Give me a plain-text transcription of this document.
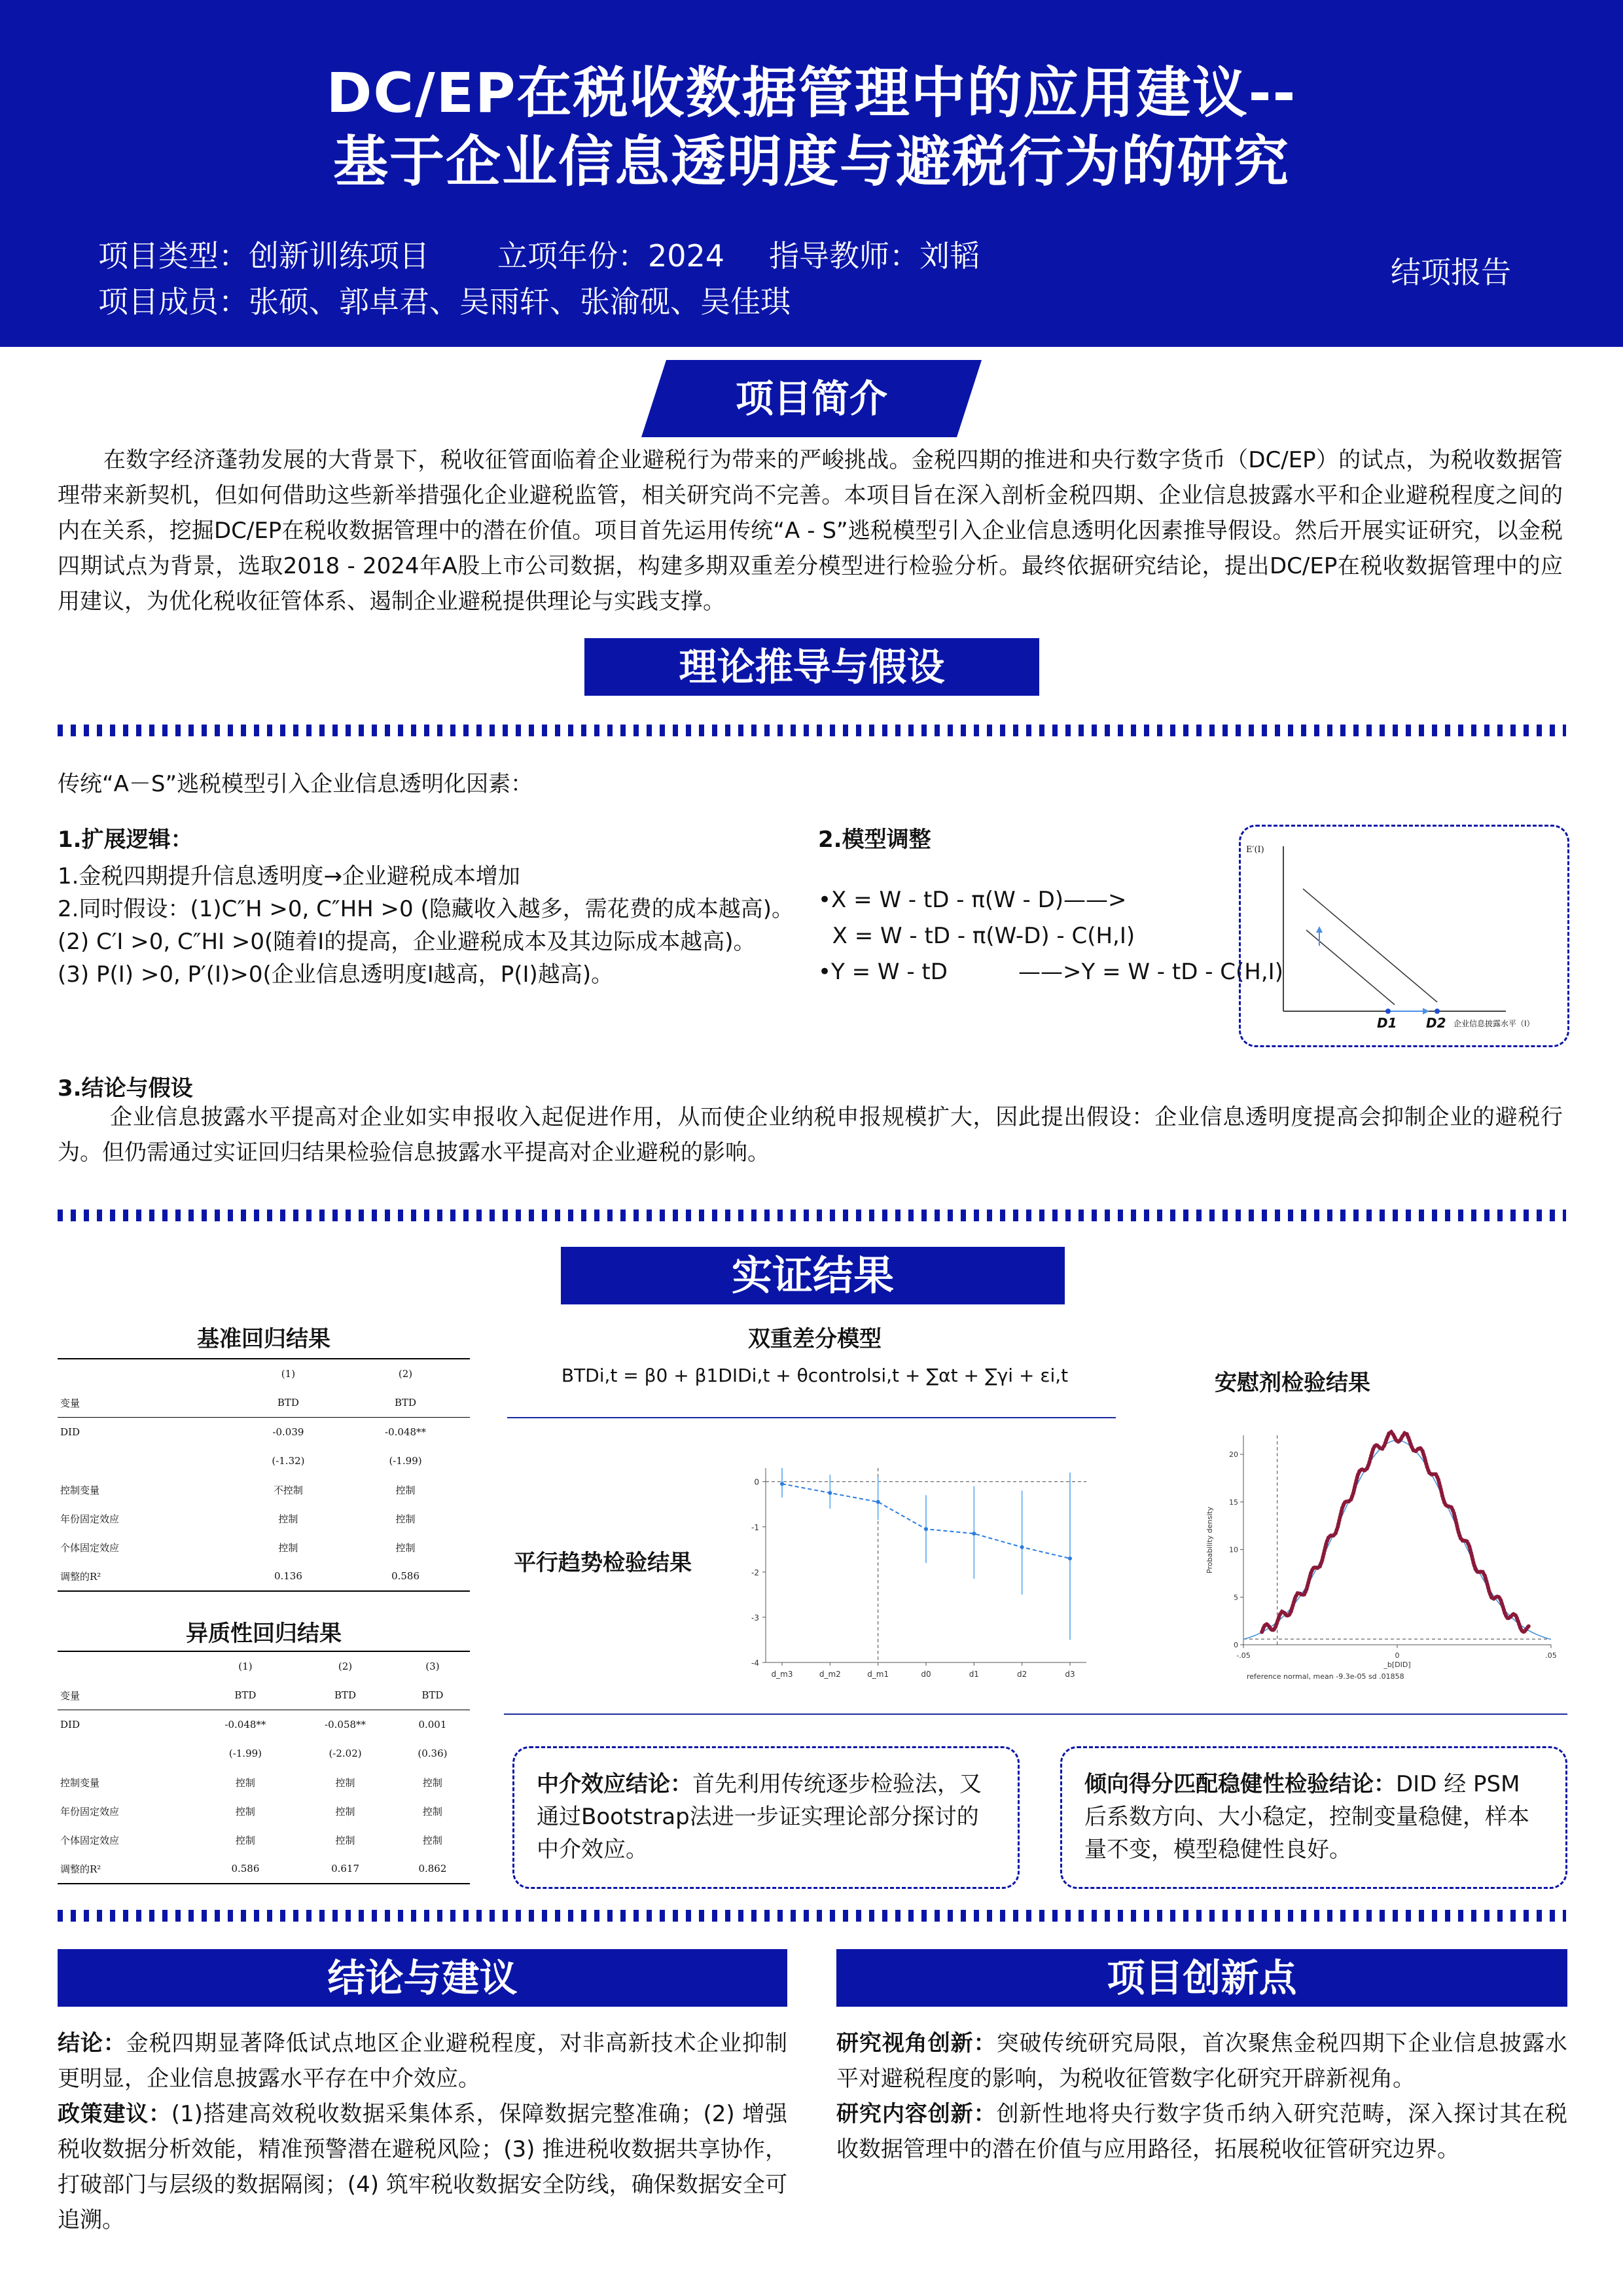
DC/EP在税收数据管理中的应用建议--
基于企业信息透明度与避税行为的研究
项目类型：创新训练项目 立项年份：2024 指导教师：刘韬
项目成员：张硕、郭卓君、吴雨轩、张渝砚、吴佳琪
结项报告
项目简介
在数字经济蓬勃发展的大背景下，税收征管面临着企业避税行为带来的严峻挑战。金税四期的推进和央行数字货币（DC/EP）的试点，为税收数据管理带来新契机，但如何借助这些新举措强化企业避税监管，相关研究尚不完善。本项目旨在深入剖析金税四期、企业信息披露水平和企业避税程度之间的内在关系，挖掘DC/EP在税收数据管理中的潜在价值。项目首先运用传统“A - S”逃税模型引入企业信息透明化因素推导假设。然后开展实证研究，以金税四期试点为背景，选取2018 - 2024年A股上市公司数据，构建多期双重差分模型进行检验分析。最终依据研究结论，提出DC/EP在税收数据管理中的应用建议，为优化税收征管体系、遏制企业避税提供理论与实践支撑。
理论推导与假设
传统“A－S”逃税模型引入企业信息透明化因素：
1.扩展逻辑：
1.金税四期提升信息透明度→企业避税成本增加
2.同时假设：(1)C″H >0, C″HH >0 (隐藏收入越多，需花费的成本越高)。
(2) C′I >0, C″HI >0(随着I的提高，企业避税成本及其边际成本越高)。
(3) P(I) >0, P′(I)>0(企业信息透明度I越高，P(I)越高)。
2.模型调整
•X = W - tD - π(W - D)——>
X = W - tD - π(W-D) - C(H,I)
•Y = W - tD          ——>Y = W - tD - C(H,I)
E′(I)
D1 D2 企业信息披露水平（I）
3.结论与假设
企业信息披露水平提高对企业如实申报收入起促进作用，从而使企业纳税申报规模扩大，因此提出假设：企业信息透明度提高会抑制企业的避税行为。但仍需通过实证回归结果检验信息披露水平提高对企业避税的影响。
实证结果
基准回归结果
	(1)	(2)
变量	BTD	BTD
DID	-0.039	-0.048**
	(-1.32)	(-1.99)
控制变量	不控制	控制
年份固定效应	控制	控制
个体固定效应	控制	控制
调整的R²	0.136	0.586
异质性回归结果
	(1)	(2)	(3)
变量	BTD	BTD	BTD
DID	-0.048**	-0.058**	0.001
	(-1.99)	(-2.02)	(0.36)
控制变量	控制	控制	控制
年份固定效应	控制	控制	控制
个体固定效应	控制	控制	控制
调整的R²	0.586	0.617	0.862
双重差分模型
BTDi,t = β0 + β1DIDi,t + θcontrolsi,t + ∑αt + ∑γi + εi,t
平行趋势检验结果
0
-1
-2
-3
-4
d_m3	d_m2	d_m1	d0	d1	d2	d3
安慰剂检验结果
0
5
10
15
20
-.05	0	.05
Probability density
_b[DID]
reference normal, mean -9.3e-05 sd .01858
中介效应结论：首先利用传统逐步检验法，又通过Bootstrap法进一步证实理论部分探讨的中介效应。
倾向得分匹配稳健性检验结论：DID 经 PSM 后系数方向、大小稳定，控制变量稳健，样本量不变，模型稳健性良好。
结论与建议
结论：金税四期显著降低试点地区企业避税程度，对非高新技术企业抑制更明显，企业信息披露水平存在中介效应。
政策建议：(1)搭建高效税收数据采集体系，保障数据完整准确；(2) 增强税收数据分析效能，精准预警潜在避税风险；(3) 推进税收数据共享协作，打破部门与层级的数据隔阂；(4) 筑牢税收数据安全防线，确保数据安全可追溯。
项目创新点
研究视角创新：突破传统研究局限，首次聚焦金税四期下企业信息披露水平对避税程度的影响，为税收征管数字化研究开辟新视角。
研究内容创新：创新性地将央行数字货币纳入研究范畴，深入探讨其在税收数据管理中的潜在价值与应用路径，拓展税收征管研究边界。
